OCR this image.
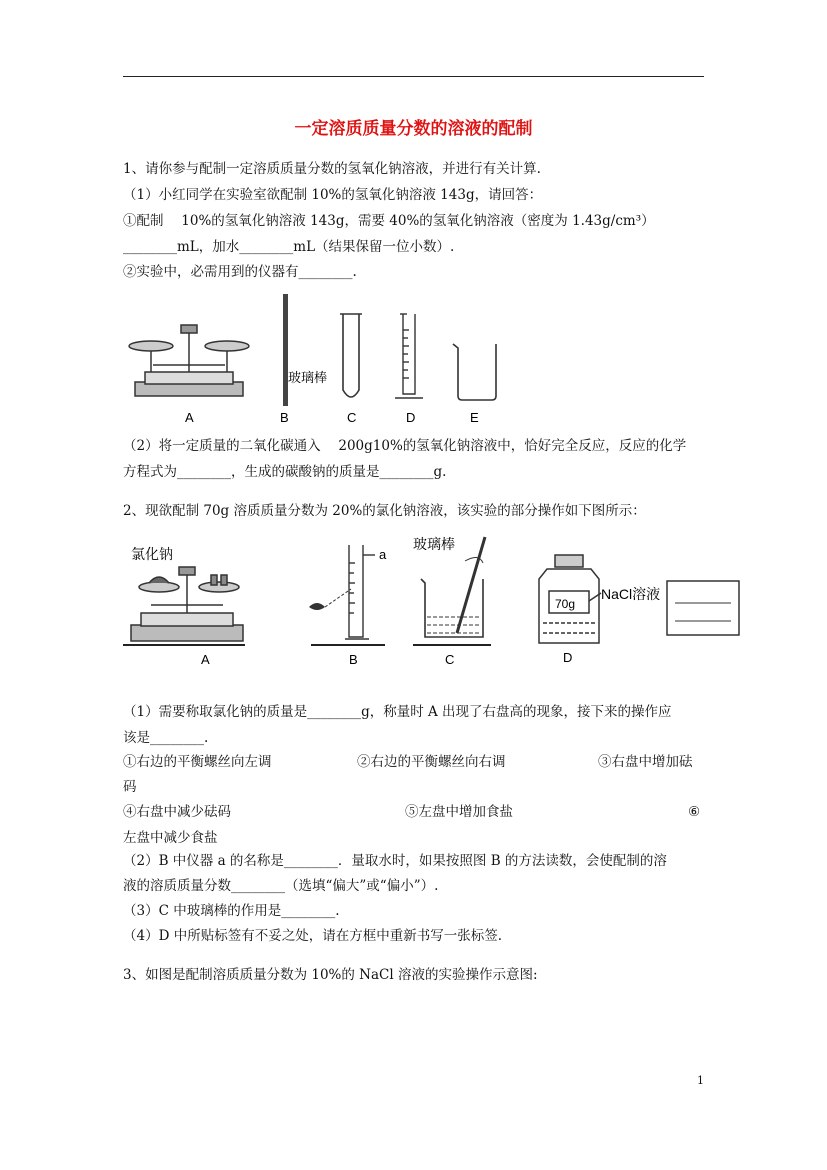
一定溶质质量分数的溶液的配制
1、请你参与配制一定溶质质量分数的氢氧化钠溶液，并进行有关计算.
（1）小红同学在实验室欲配制 10%的氢氧化钠溶液 143g，请回答：
①配制　 10%的氢氧化钠溶液 143g，需要 40%的氢氧化钠溶液（密度为 1.43g/cm³）
________mL，加水________mL（结果保留一位小数）.
②实验中，必需用到的仪器有________.
A
玻璃棒
B	C	D	E
（2）将一定质量的二氧化碳通入　 200g10%的氢氧化钠溶液中，恰好完全反应，反应的化学
方程式为________，生成的碳酸钠的质量是________g.
2、现欲配制 70g 溶质质量分数为 20%的氯化钠溶液，该实验的部分操作如下图所示：
氯化钠
A
a
B
玻璃棒
C
70g
NaCl溶液
D
（1）需要称取氯化钠的质量是________g，称量时 A 出现了右盘高的现象，接下来的操作应
该是________.
①右边的平衡螺丝向左调	②右边的平衡螺丝向右调	③右盘中增加砝
码
④右盘中减少砝码	⑤左盘中增加食盐	⑥
左盘中减少食盐
（2）B 中仪器 a 的名称是________．量取水时，如果按照图 B 的方法读数，会使配制的溶
液的溶质质量分数________（选填“偏大”或“偏小”）.
（3）C 中玻璃棒的作用是________.
（4）D 中所贴标签有不妥之处，请在方框中重新书写一张标签.
3、如图是配制溶质质量分数为 10%的 NaCl 溶液的实验操作示意图:
1
